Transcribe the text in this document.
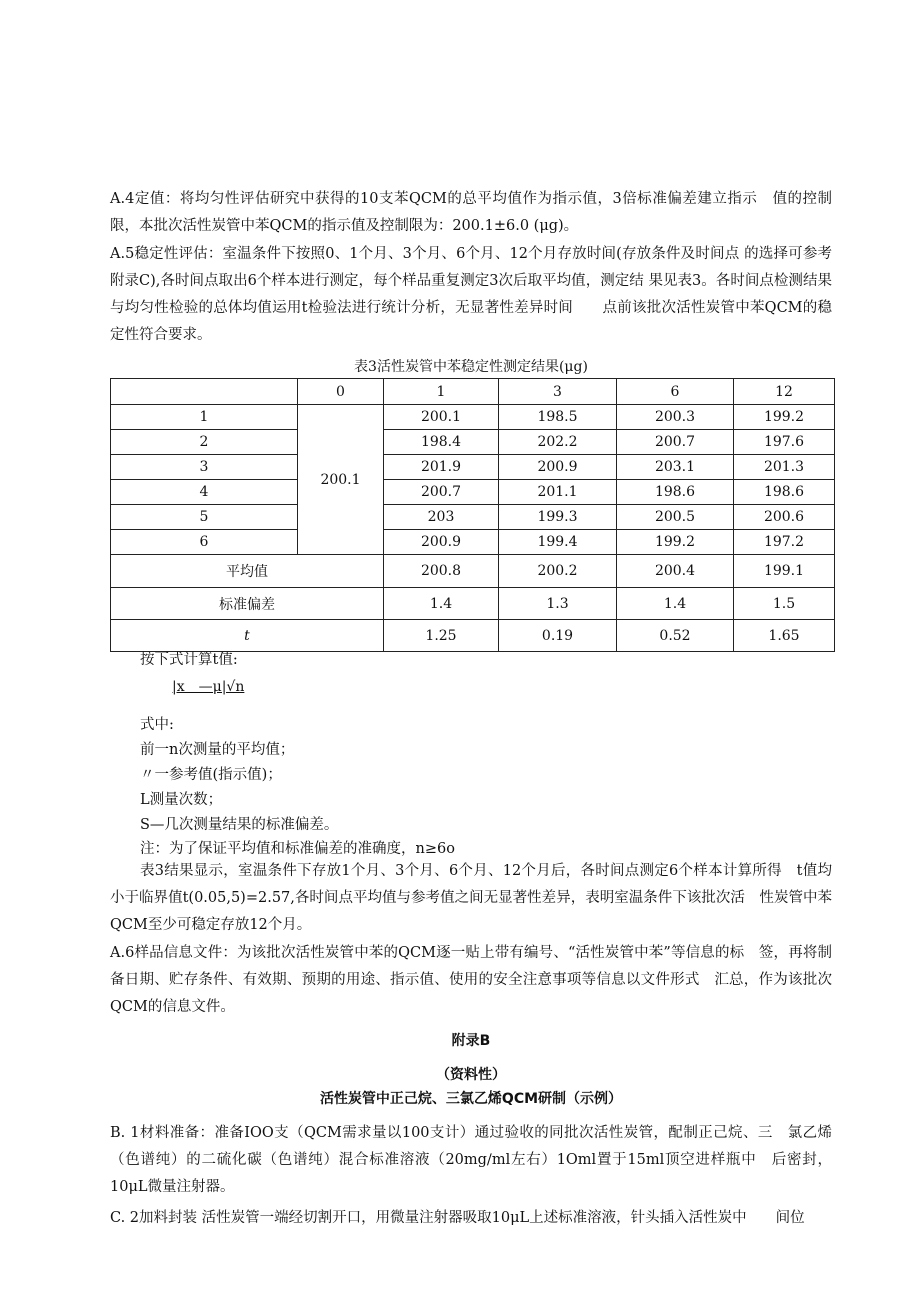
A.4定值：将均匀性评估研究中获得的10支苯QCM的总平均值作为指示值，3倍标准偏差建立指示　值的控制限，本批次活性炭管中苯QCM的指示值及控制限为：200.1±6.0 (μg)。

A.5稳定性评估：室温条件下按照0、1个月、3个月、6个月、12个月存放时间(存放条件及时间点 的选择可参考附录C),各时间点取出6个样本进行测定，每个样品重复测定3次后取平均值，测定结 果见表3。各时间点检测结果与均匀性检验的总体均值运用t检验法进行统计分析，无显著性差异时间　　点前该批次活性炭管中苯QCM的稳定性符合要求。

表3活性炭管中苯稳定性测定结果(μg)
	0	1	3	6	12
1	200.1	200.1	198.5	200.3	199.2
2		198.4	202.2	200.7	197.6
3		201.9	200.9	203.1	201.3
4		200.7	201.1	198.6	198.6
5		203	199.3	200.5	200.6
6		200.9	199.4	199.2	197.2
平均值		200.8	200.2	200.4	199.1
标准偏差		1.4	1.3	1.4	1.5
t		1.25	0.19	0.52	1.65

按下式计算t值:

|x　—μ|√n

式中:

前一n次测量的平均值；

〃一参考值(指示值)；

L测量次数；

S—几次测量结果的标准偏差。

注：为了保证平均值和标准偏差的准确度，n≥6o

表3结果显示，室温条件下存放1个月、3个月、6个月、12个月后，各时间点测定6个样本计算所得　t值均小于临界值t(0.05,5)=2.57,各时间点平均值与参考值之间无显著性差异，表明室温条件下该批次活　性炭管中苯QCM至少可稳定存放12个月。

A.6样品信息文件：为该批次活性炭管中苯的QCM逐一贴上带有编号、“活性炭管中苯”等信息的标　签，再将制备日期、贮存条件、有效期、预期的用途、指示值、使用的安全注意事项等信息以文件形式　汇总，作为该批次QCM的信息文件。

附录B
（资料性）
活性炭管中正己烷、三氯乙烯QCM研制（示例）

B. 1材料准备：准备IOO支（QCM需求量以100支计）通过验收的同批次活性炭管，配制正己烷、三　氯乙烯（色谱纯）的二硫化碳（色谱纯）混合标准溶液（20mg∕ml左右）1Oml置于15ml顶空进样瓶中　后密封，10μL微量注射器。

C. 2加料封装 活性炭管一端经切割开口，用微量注射器吸取10μL上述标准溶液，针头插入活性炭中　　间位
